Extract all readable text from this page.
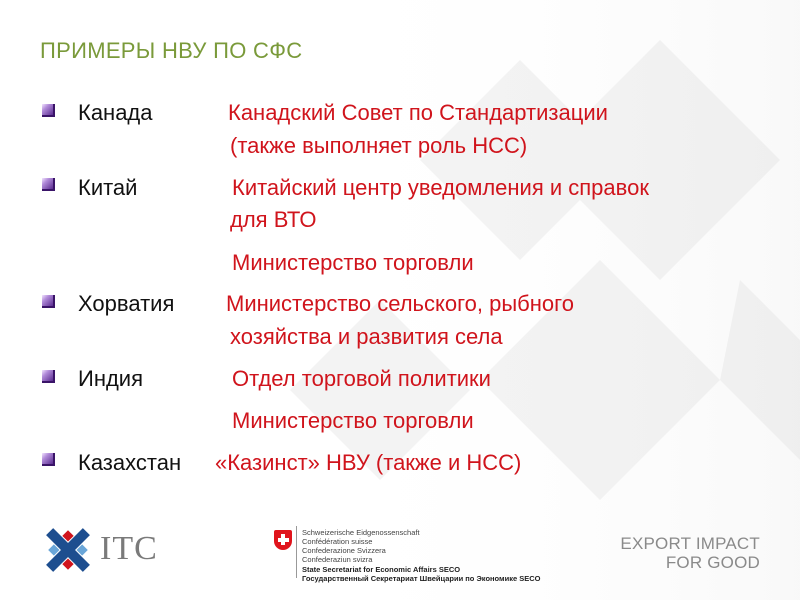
ПРИМЕРЫ НВУ ПО СФС
Канада	Канадский Совет по Стандартизации
(также выполняет роль НСС)
Китай	Китайский центр уведомления и справок
для ВТО
Министерство торговли
Хорватия Министерство сельского, рыбного
хозяйства и развития села
Индия	Отдел торговой политики
Министерство торговли
Казахстан «Казинст» НВУ (также и НСС)
ITC	Schweizerische Eidgenossenschaft
Confédération suisse
Confederazione Svizzera
Confederaziun svizra
State Secretariat for Economic Affairs SECO
Государственный Секретариат Швейцарии по Экономике SECO
EXPORT IMPACT
FOR GOOD
